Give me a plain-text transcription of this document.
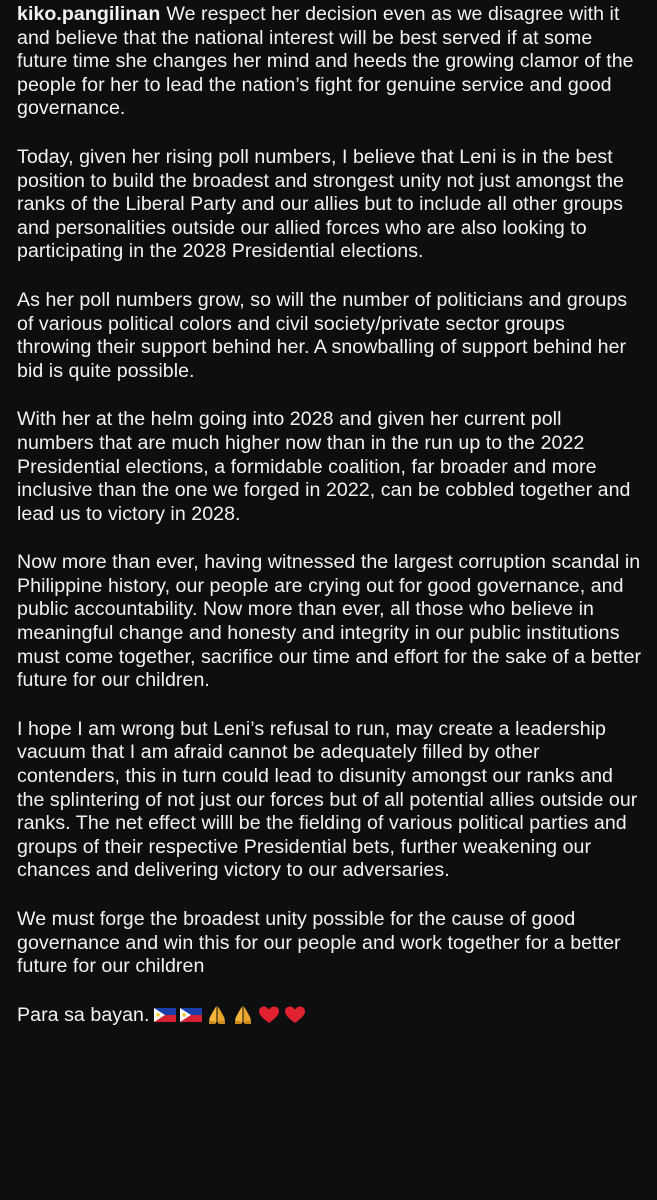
kiko.pangilinan We respect her decision even as we disagree with it and believe that the national interest will be best served if at some future time she changes her mind and heeds the growing clamor of the people for her to lead the nation’s fight for genuine service and good governance.

Today, given her rising poll numbers, I believe that Leni is in the best position to build the broadest and strongest unity not just amongst the ranks of the Liberal Party and our allies but to include all other groups and personalities outside our allied forces who are also looking to participating in the 2028 Presidential elections.

As her poll numbers grow, so will the number of politicians and groups of various political colors and civil society/private sector groups throwing their support behind her. A snowballing of support behind her bid is quite possible.

With her at the helm going into 2028 and given her current poll numbers that are much higher now than in the run up to the 2022 Presidential elections, a formidable coalition, far broader and more inclusive than the one we forged in 2022, can be cobbled together and lead us to victory in 2028.

Now more than ever, having witnessed the largest corruption scandal in Philippine history, our people are crying out for good governance, and public accountability. Now more than ever, all those who believe in meaningful change and honesty and integrity in our public institutions must come together, sacrifice our time and effort for the sake of a better future for our children.

I hope I am wrong but Leni’s refusal to run, may create a leadership vacuum that I am afraid cannot be adequately filled by other contenders, this in turn could lead to disunity amongst our ranks and the splintering of not just our forces but of all potential allies outside our ranks. The net effect willl be the fielding of various political parties and groups of their respective Presidential bets, further weakening our chances and delivering victory to our adversaries.

We must forge the broadest unity possible for the cause of good governance and win this for our people and work together for a better future for our children

Para sa bayan.
